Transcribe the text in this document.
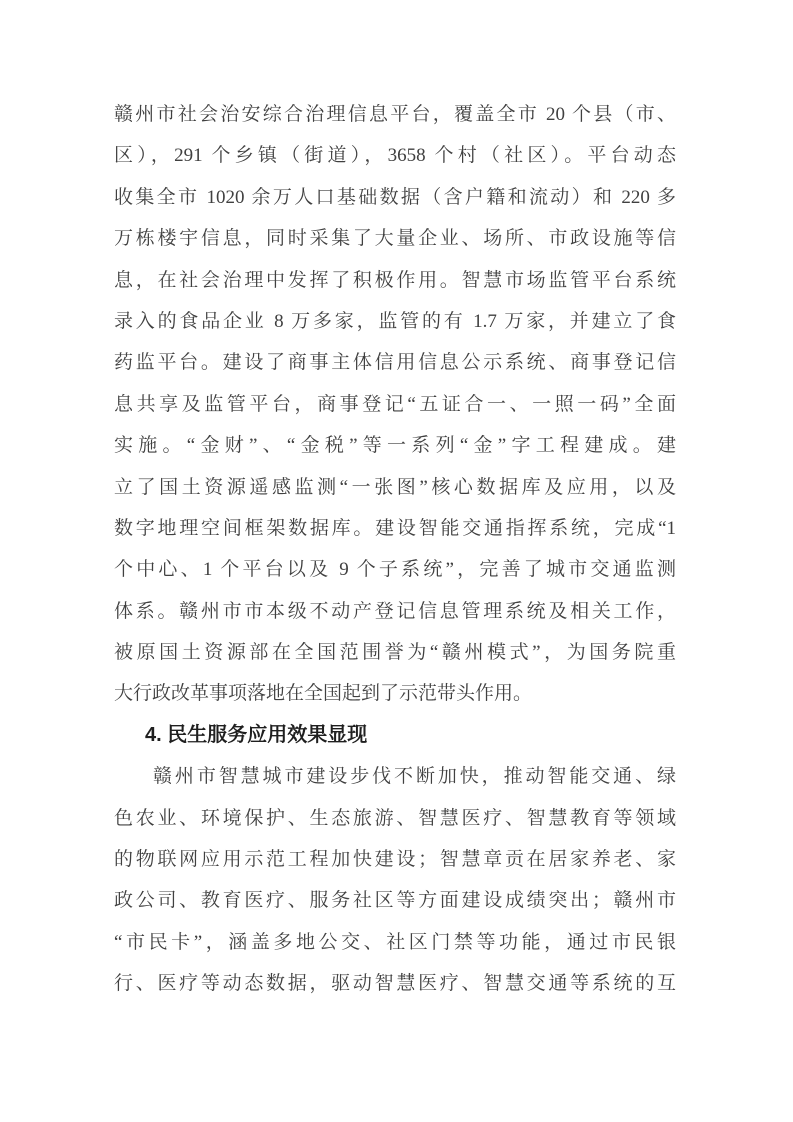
赣州市社会治安综合治理信息平台，覆盖全市 20 个县（市、
区），291 个乡镇（街道），3658 个村（社区）。平台动态
收集全市 1020 余万人口基础数据（含户籍和流动）和 220 多
万栋楼宇信息，同时采集了大量企业、场所、市政设施等信
息，在社会治理中发挥了积极作用。智慧市场监管平台系统
录入的食品企业 8 万多家，监管的有 1.7 万家，并建立了食
药监平台。建设了商事主体信用信息公示系统、商事登记信
息共享及监管平台，商事登记“五证合一、一照一码”全面
实施。“金财”、“金税”等一系列“金”字工程建成。建
立了国土资源遥感监测“一张图”核心数据库及应用，以及
数字地理空间框架数据库。建设智能交通指挥系统，完成“1
个中心、1 个平台以及 9 个子系统”，完善了城市交通监测
体系。赣州市市本级不动产登记信息管理系统及相关工作，
被原国土资源部在全国范围誉为“赣州模式”，为国务院重
大行政改革事项落地在全国起到了示范带头作用。
4. 民生服务应用效果显现
赣州市智慧城市建设步伐不断加快，推动智能交通、绿
色农业、环境保护、生态旅游、智慧医疗、智慧教育等领域
的物联网应用示范工程加快建设；智慧章贡在居家养老、家
政公司、教育医疗、服务社区等方面建设成绩突出；赣州市
“市民卡”，涵盖多地公交、社区门禁等功能，通过市民银
行、医疗等动态数据，驱动智慧医疗、智慧交通等系统的互
